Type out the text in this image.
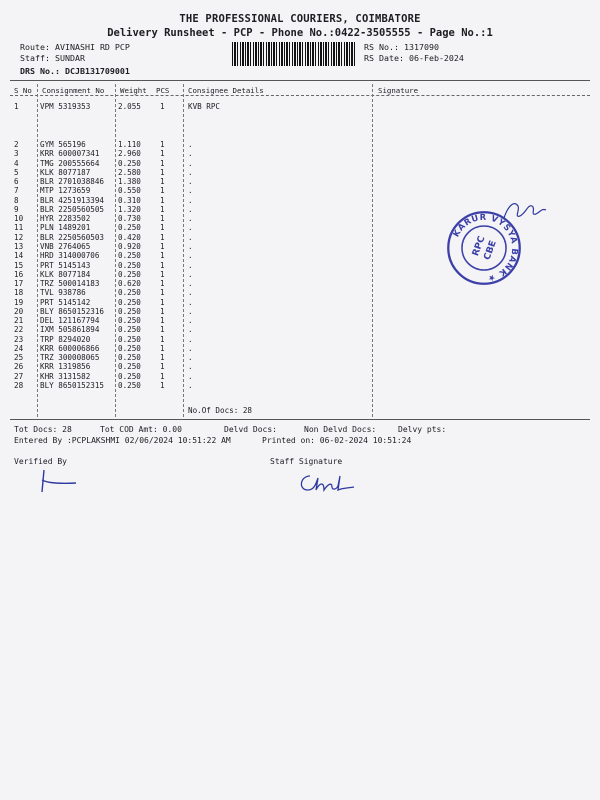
THE PROFESSIONAL COURIERS, COIMBATORE
Delivery Runsheet - PCP - Phone No.:0422-3505555 - Page No.:1
Route: AVINASHI RD PCP
Staff: SUNDAR
DRS No.: DCJB131709001
RS No.: 1317090
RS Date: 06-Feb-2024
S No Consignment No Weight PCS	Consignee Details	Signature
1	VPM 5319353	2.055	1	KVB RPC
2	GYM 565196	1.110	1	.
3	KRR 600007341 2.960	1	.
4	TMG 200555664 0.250	1	.
5	KLK 8077187	2.580	1	.
6	BLR 2701038846 1.380	1	.
7	MTP 1273659	0.550	1	.
8	BLR 4251913394 0.310	1	.
9	BLR 2250560505 1.320	1	.
10 HYR 2283502	0.730	1	.
11 PLN 1489201	0.250	1	.
12 BLR 2250560503 0.420	1	.
13 VNB 2764065	0.920	1	.
14 HRD 314000706 0.250	1	.
15 PRT 5145143	0.250	1	.
16 KLK 8077184	0.250	1	.
17 TRZ 500014183 0.620	1	.
18 TVL 938786	0.250	1	.
19 PRT 5145142	0.250	1	.
20 BLY 8650152316 0.250	1	.
21 DEL 121167794 0.250	1	.
22 IXM 505861894 0.250	1	.
23 TRP 8294020	0.250	1	.
24 KRR 600006866 0.250	1	.
25 TRZ 300008065 0.250	1	.
26 KRR 1319856	0.250	1	.
27 KHR 3131582	0.250	1	.
28 BLY 8650152315 0.250	1	.
No.Of Docs: 28
Tot Docs: 28	Tot COD Amt: 0.00	Delvd Docs:	Non Delvd Docs:	Delvy pts:
Entered By :PCPLAKSHMI 02/06/2024 10:51:22 AM	Printed on: 06-02-2024 10:51:24
Verified By	Staff Signature
KARUR VYSYA BANK ★
RPC
CBE
